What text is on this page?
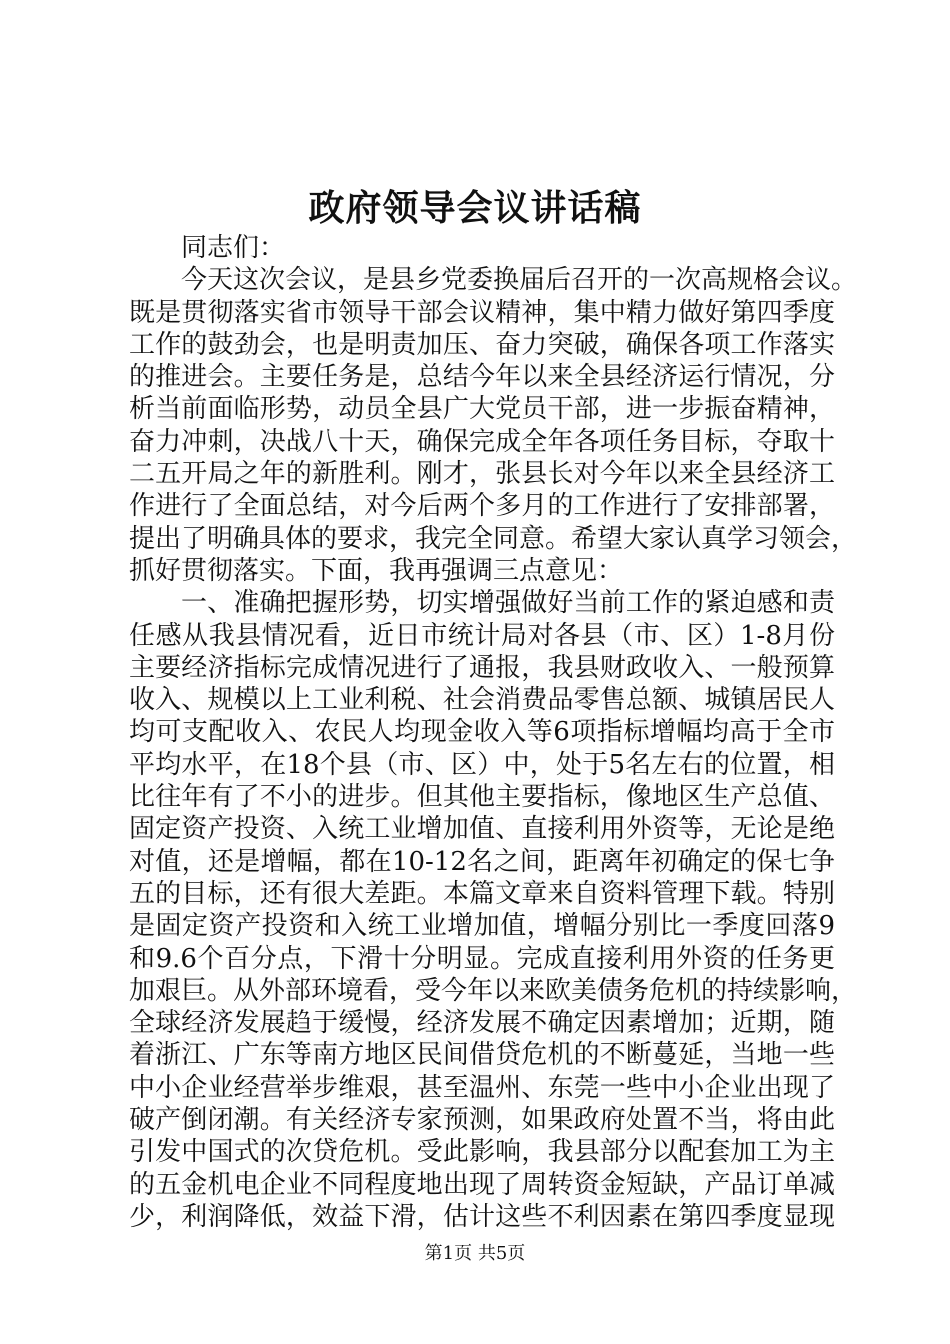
政府领导会议讲话稿
同志们：
今天这次会议，是县乡党委换届后召开的一次高规格会议。
既是贯彻落实省市领导干部会议精神，集中精力做好第四季度
工作的鼓劲会，也是明责加压、奋力突破，确保各项工作落实
的推进会。主要任务是，总结今年以来全县经济运行情况，分
析当前面临形势，动员全县广大党员干部，进一步振奋精神，
奋力冲刺，决战八十天，确保完成全年各项任务目标，夺取十
二五开局之年的新胜利。刚才，张县长对今年以来全县经济工
作进行了全面总结，对今后两个多月的工作进行了安排部署，
提出了明确具体的要求，我完全同意。希望大家认真学习领会，
抓好贯彻落实。下面，我再强调三点意见：
一、准确把握形势，切实增强做好当前工作的紧迫感和责
任感从我县情况看，近日市统计局对各县（市、区）1-8月份
主要经济指标完成情况进行了通报，我县财政收入、一般预算
收入、规模以上工业利税、社会消费品零售总额、城镇居民人
均可支配收入、农民人均现金收入等6项指标增幅均高于全市
平均水平，在18个县（市、区）中，处于5名左右的位置，相
比往年有了不小的进步。但其他主要指标，像地区生产总值、
固定资产投资、入统工业增加值、直接利用外资等，无论是绝
对值，还是增幅，都在10-12名之间，距离年初确定的保七争
五的目标，还有很大差距。本篇文章来自资料管理下载。特别
是固定资产投资和入统工业增加值，增幅分别比一季度回落9
和9.6个百分点，下滑十分明显。完成直接利用外资的任务更
加艰巨。从外部环境看，受今年以来欧美债务危机的持续影响，
全球经济发展趋于缓慢，经济发展不确定因素增加；近期，随
着浙江、广东等南方地区民间借贷危机的不断蔓延，当地一些
中小企业经营举步维艰，甚至温州、东莞一些中小企业出现了
破产倒闭潮。有关经济专家预测，如果政府处置不当，将由此
引发中国式的次贷危机。受此影响，我县部分以配套加工为主
的五金机电企业不同程度地出现了周转资金短缺，产品订单减
少，利润降低，效益下滑，估计这些不利因素在第四季度显现
第1页 共5页
